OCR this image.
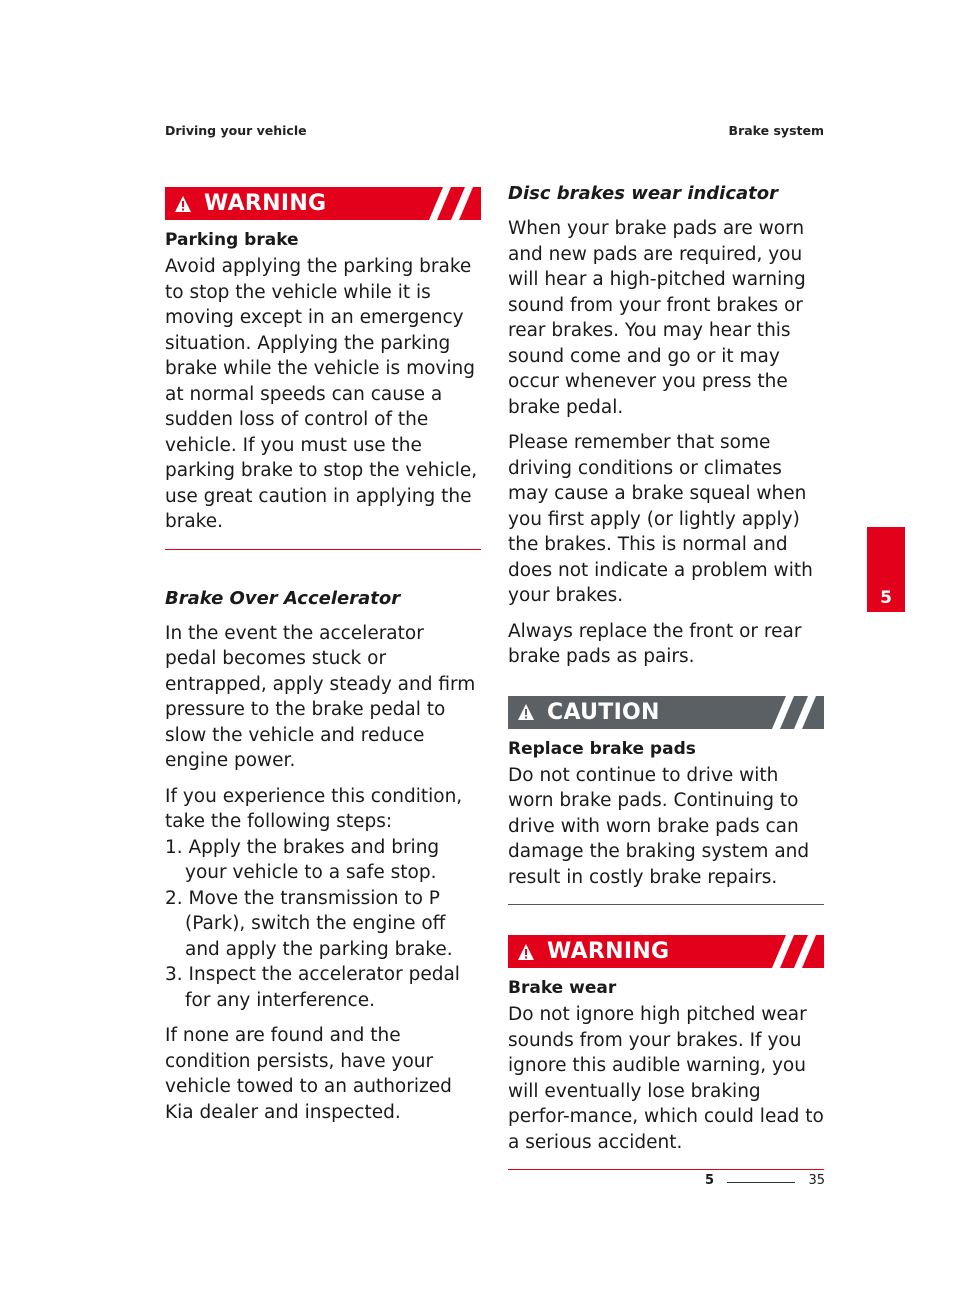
Driving your vehicle	Brake system
WARNING
Parking brake

Avoid applying the parking brake to stop the vehicle while it is moving except in an emergency situation. Applying the parking brake while the vehicle is moving at normal speeds can cause a sudden loss of control of the vehicle. If you must use the parking brake to stop the vehicle, use great caution in applying the brake.

Brake Over Accelerator

In the event the accelerator pedal becomes stuck or entrapped, apply steady and firm pressure to the brake pedal to slow the vehicle and reduce engine power.

If you experience this condition, take the following steps:

1. Apply the brakes and bring your vehicle to a safe stop.
2. Move the transmission to P (Park), switch the engine off and apply the parking brake.
3. Inspect the accelerator pedal for any interference.

If none are found and the condition persists, have your vehicle towed to an authorized Kia dealer and inspected.

Disc brakes wear indicator

When your brake pads are worn and new pads are required, you will hear a high-pitched warning sound from your front brakes or rear brakes. You may hear this sound come and go or it may occur whenever you press the brake pedal.

Please remember that some driving conditions or climates may cause a brake squeal when you first apply (or lightly apply) the brakes. This is normal and does not indicate a problem with your brakes.

Always replace the front or rear brake pads as pairs.

CAUTION
Replace brake pads

Do not continue to drive with worn brake pads. Continuing to drive with worn brake pads can damage the braking system and result in costly brake repairs.

WARNING
Brake wear

Do not ignore high pitched wear sounds from your brakes. If you ignore this audible warning, you will eventually lose braking perfor-mance, which could lead to a serious accident.

5
5	35
